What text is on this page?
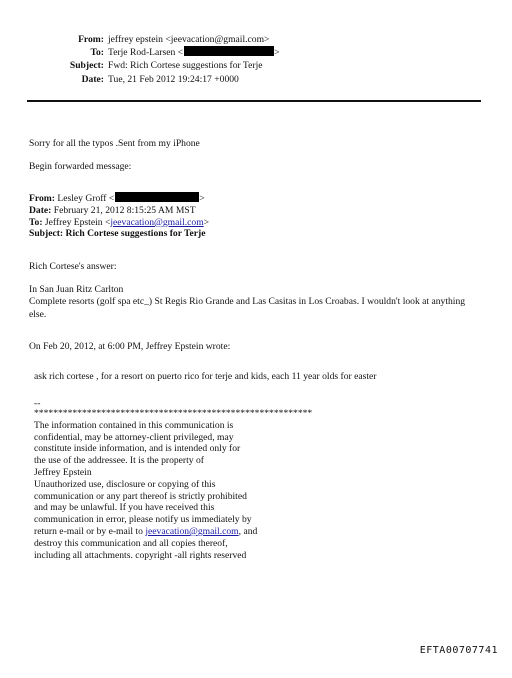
From: jeffrey epstein <jeevacation@gmail.com>
To: Terje Rod-Larsen <	>
Subject: Fwd: Rich Cortese suggestions for Terje
Date: Tue, 21 Feb 2012 19:24:17 +0000
Sorry for all the typos .Sent from my iPhone
Begin forwarded message:
From: Lesley Groff <	>
Date: February 21, 2012 8:15:25 AM MST
To: Jeffrey Epstein <jeevacation@gmail.com>
Subject: Rich Cortese suggestions for Terje
Rich Cortese's answer:
In San Juan Ritz Carlton
Complete resorts (golf spa etc_) St Regis Rio Grande and Las Casitas in Los Croabas. I wouldn't look at anything else.
On Feb 20, 2012, at 6:00 PM, Jeffrey Epstein wrote:
ask rich cortese , for a resort on puerto rico for terje and kids, each 11 year olds for easter
--
**********************************************************
The information contained in this communication is
confidential, may be attorney-client privileged, may
constitute inside information, and is intended only for
the use of the addressee. It is the property of
Jeffrey Epstein
Unauthorized use, disclosure or copying of this
communication or any part thereof is strictly prohibited
and may be unlawful. If you have received this
communication in error, please notify us immediately by
return e-mail or by e-mail to jeevacation@gmail.com, and
destroy this communication and all copies thereof,
including all attachments. copyright -all rights reserved
EFTA00707741
